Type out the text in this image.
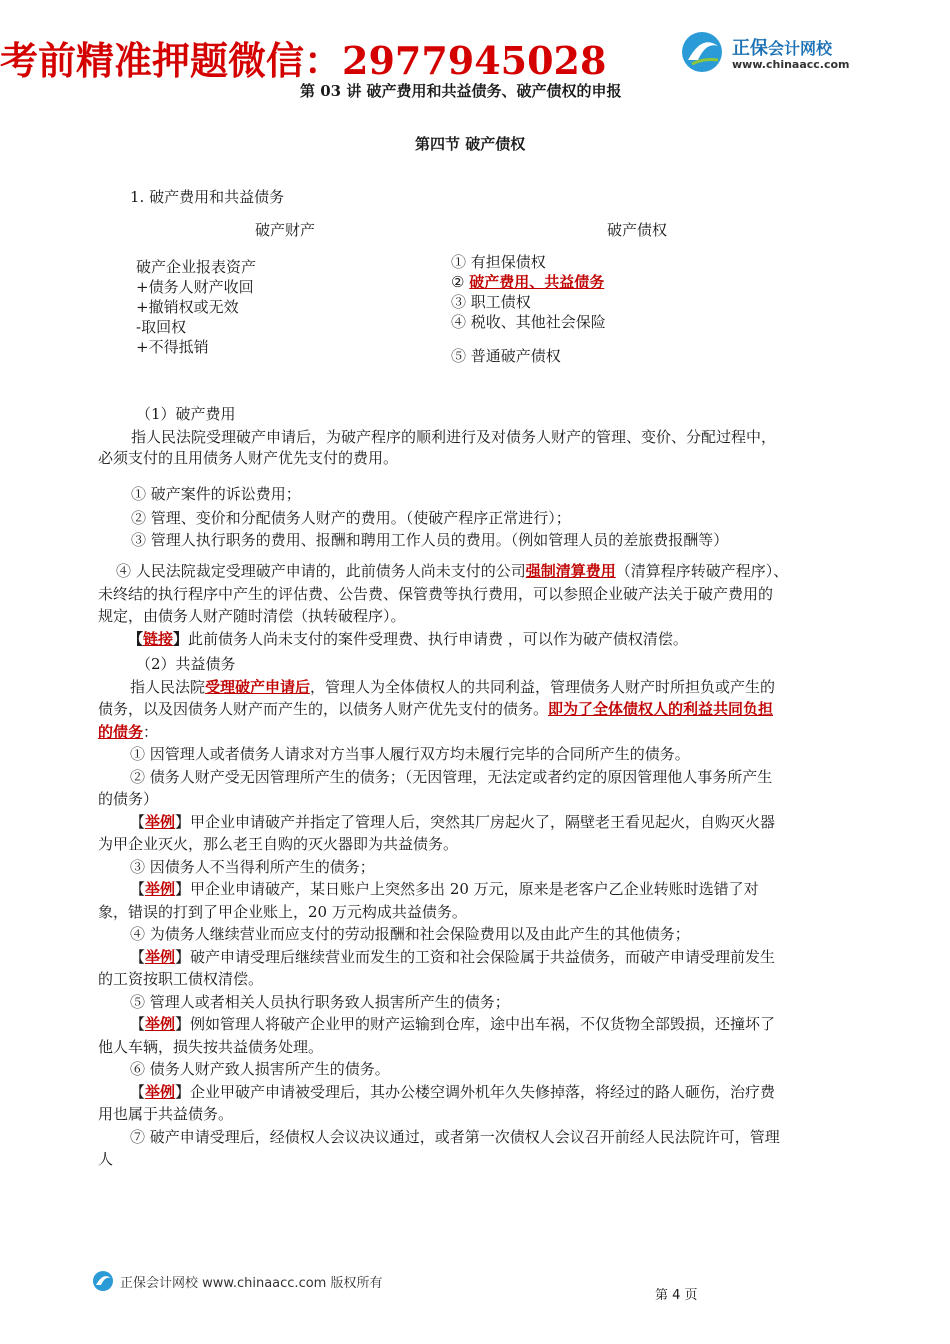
考前精准押题微信：2977945028	正保会计网校
www.chinaacc.com
第 03 讲 破产费用和共益债务、破产债权的申报
第四节 破产债权
1. 破产费用和共益债务
破产财产	破产债权
破产企业报表资产
+债务人财产收回
+撤销权或无效
-取回权
+不得抵销
① 有担保债权
② 破产费用、共益债务
③ 职工债权
④ 税收、其他社会保险
⑤ 普通破产债权
（1）破产费用
指人民法院受理破产申请后，为破产程序的顺利进行及对债务人财产的管理、变价、分配过程中，
必须支付的且用债务人财产优先支付的费用。
① 破产案件的诉讼费用；
② 管理、变价和分配债务人财产的费用。（使破产程序正常进行）；
③ 管理人执行职务的费用、报酬和聘用工作人员的费用。（例如管理人员的差旅费报酬等）
④ 人民法院裁定受理破产申请的，此前债务人尚未支付的公司强制清算费用（清算程序转破产程序）、
未终结的执行程序中产生的评估费、公告费、保管费等执行费用，可以参照企业破产法关于破产费用的
规定，由债务人财产随时清偿（执转破程序）。
【链接】此前债务人尚未支付的案件受理费、执行申请费 ，可以作为破产债权清偿。
（2）共益债务
指人民法院受理破产申请后，管理人为全体债权人的共同利益，管理债务人财产时所担负或产生的
债务，以及因债务人财产而产生的，以债务人财产优先支付的债务。即为了全体债权人的利益共同负担
的债务：
① 因管理人或者债务人请求对方当事人履行双方均未履行完毕的合同所产生的债务。
② 债务人财产受无因管理所产生的债务；（无因管理，无法定或者约定的原因管理他人事务所产生
的债务）
【举例】甲企业申请破产并指定了管理人后，突然其厂房起火了，隔壁老王看见起火，自购灭火器
为甲企业灭火，那么老王自购的灭火器即为共益债务。
③ 因债务人不当得利所产生的债务；
【举例】甲企业申请破产，某日账户上突然多出 20 万元，原来是老客户乙企业转账时选错了对
象，错误的打到了甲企业账上，20 万元构成共益债务。
④ 为债务人继续营业而应支付的劳动报酬和社会保险费用以及由此产生的其他债务；
【举例】破产申请受理后继续营业而发生的工资和社会保险属于共益债务，而破产申请受理前发生
的工资按职工债权清偿。
⑤ 管理人或者相关人员执行职务致人损害所产生的债务；
【举例】例如管理人将破产企业甲的财产运输到仓库，途中出车祸，不仅货物全部毁损，还撞坏了
他人车辆，损失按共益债务处理。
⑥ 债务人财产致人损害所产生的债务。
【举例】企业甲破产申请被受理后，其办公楼空调外机年久失修掉落，将经过的路人砸伤，治疗费
用也属于共益债务。
⑦ 破产申请受理后，经债权人会议决议通过，或者第一次债权人会议召开前经人民法院许可，管理
人
正保会计网校 www.chinaacc.com 版权所有
第 4 页
